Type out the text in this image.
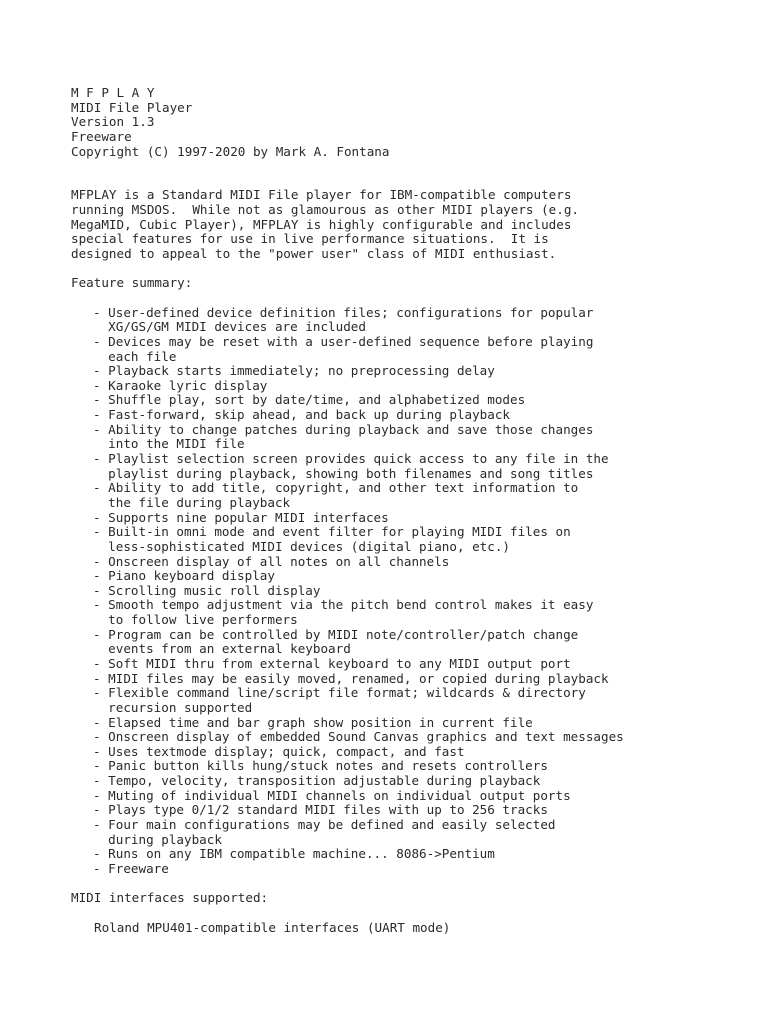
M F P L A Y
MIDI File Player
Version 1.3
Freeware
Copyright (C) 1997-2020 by Mark A. Fontana
MFPLAY is a Standard MIDI File player for IBM-compatible computers
running MSDOS.  While not as glamourous as other MIDI players (e.g.
MegaMID, Cubic Player), MFPLAY is highly configurable and includes
special features for use in live performance situations.  It is
designed to appeal to the "power user" class of MIDI enthusiast.
Feature summary:
- User-defined device definition files; configurations for popular
XG/GS/GM MIDI devices are included
- Devices may be reset with a user-defined sequence before playing
each file
- Playback starts immediately; no preprocessing delay
- Karaoke lyric display
- Shuffle play, sort by date/time, and alphabetized modes
- Fast-forward, skip ahead, and back up during playback
- Ability to change patches during playback and save those changes
into the MIDI file
- Playlist selection screen provides quick access to any file in the
playlist during playback, showing both filenames and song titles
- Ability to add title, copyright, and other text information to
the file during playback
- Supports nine popular MIDI interfaces
- Built-in omni mode and event filter for playing MIDI files on
less-sophisticated MIDI devices (digital piano, etc.)
- Onscreen display of all notes on all channels
- Piano keyboard display
- Scrolling music roll display
- Smooth tempo adjustment via the pitch bend control makes it easy
to follow live performers
- Program can be controlled by MIDI note/controller/patch change
events from an external keyboard
- Soft MIDI thru from external keyboard to any MIDI output port
- MIDI files may be easily moved, renamed, or copied during playback
- Flexible command line/script file format; wildcards & directory
recursion supported
- Elapsed time and bar graph show position in current file
- Onscreen display of embedded Sound Canvas graphics and text messages
- Uses textmode display; quick, compact, and fast
- Panic button kills hung/stuck notes and resets controllers
- Tempo, velocity, transposition adjustable during playback
- Muting of individual MIDI channels on individual output ports
- Plays type 0/1/2 standard MIDI files with up to 256 tracks
- Four main configurations may be defined and easily selected
during playback
- Runs on any IBM compatible machine... 8086->Pentium
- Freeware
MIDI interfaces supported:
Roland MPU401-compatible interfaces (UART mode)
